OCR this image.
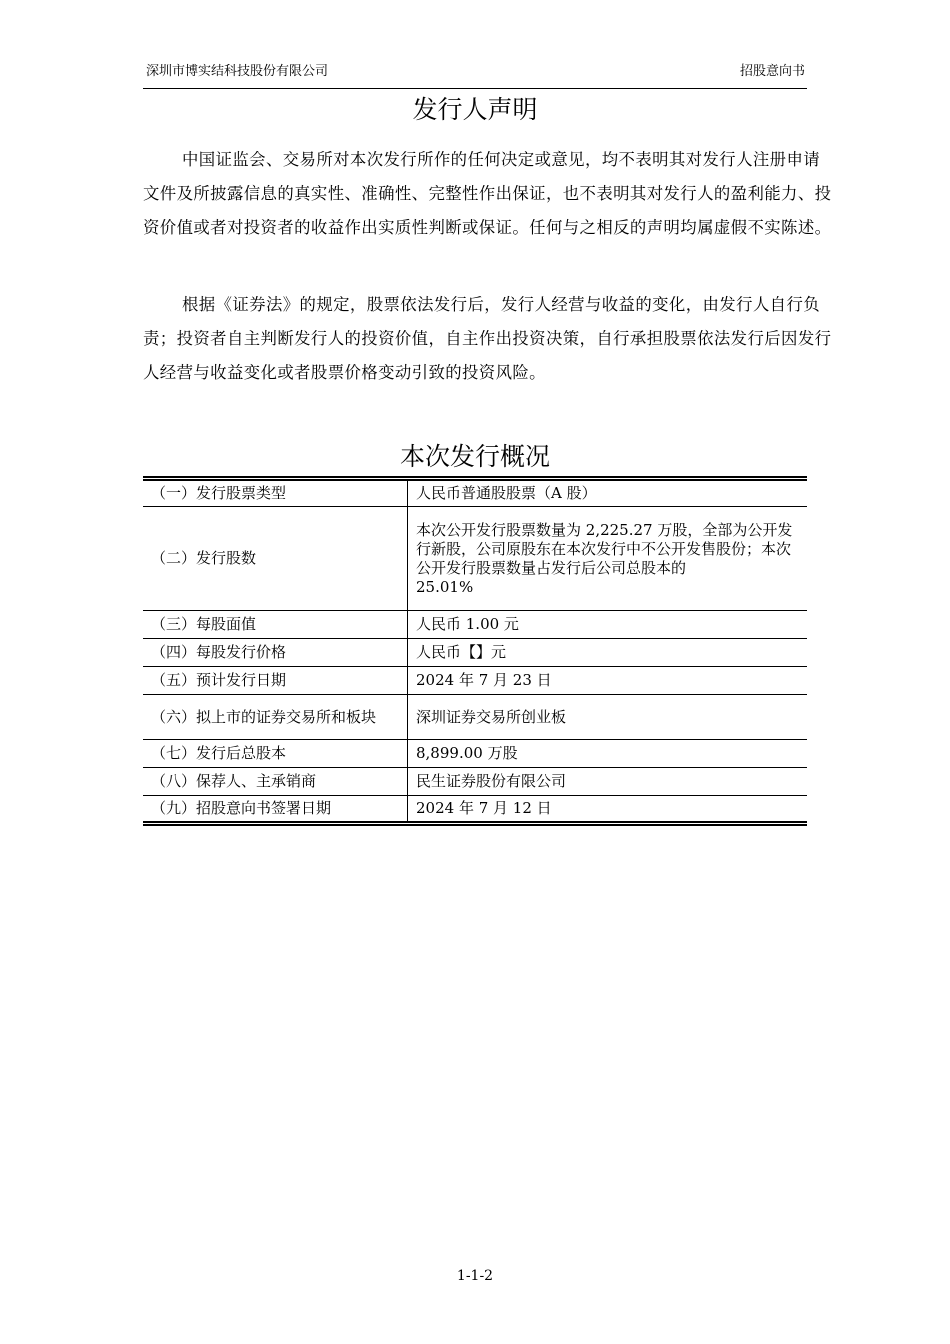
深圳市博实结科技股份有限公司	招股意向书
发行人声明

中国证监会、交易所对本次发行所作的任何决定或意见，均不表明其对发行人注册申请文件及所披露信息的真实性、准确性、完整性作出保证，也不表明其对发行人的盈利能力、投资价值或者对投资者的收益作出实质性判断或保证。任何与之相反的声明均属虚假不实陈述。

根据《证券法》的规定，股票依法发行后，发行人经营与收益的变化，由发行人自行负责；投资者自主判断发行人的投资价值，自主作出投资决策，自行承担股票依法发行后因发行人经营与收益变化或者股票价格变动引致的投资风险。

本次发行概况
（一）发行股票类型	人民币普通股股票（A 股）
（二）发行股数	本次公开发行股票数量为 2,225.27 万股，全部为公开发行新股，公司原股东在本次发行中不公开发售股份；本次公开发行股票数量占发行后公司总股本的
25.01%

（三）每股面值	人民币 1.00 元
（四）每股发行价格	人民币【】元
（五）预计发行日期	2024 年 7 月 23 日
（六）拟上市的证券交易所和板块	深圳证券交易所创业板
（七）发行后总股本	8,899.00 万股
（八）保荐人、主承销商	民生证券股份有限公司
（九）招股意向书签署日期	2024 年 7 月 12 日
1-1-2
